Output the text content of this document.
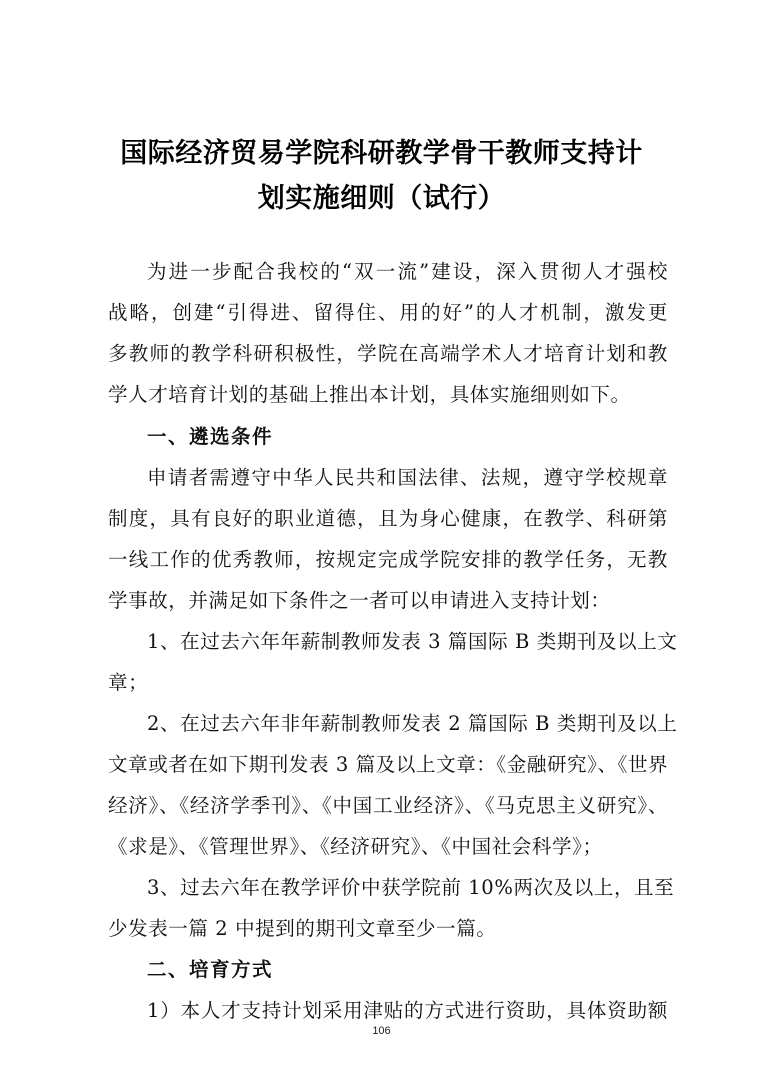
国际经济贸易学院科研教学骨干教师支持计
划实施细则（试行）

为进一步配合我校的“双一流”建设，深入贯彻人才强校

战略，创建“引得进、留得住、用的好”的人才机制，激发更

多教师的教学科研积极性，学院在高端学术人才培育计划和教

学人才培育计划的基础上推出本计划，具体实施细则如下。

一、遴选条件

申请者需遵守中华人民共和国法律、法规，遵守学校规章

制度，具有良好的职业道德，且为身心健康，在教学、科研第

一线工作的优秀教师，按规定完成学院安排的教学任务，无教

学事故，并满足如下条件之一者可以申请进入支持计划：

1、在过去六年年薪制教师发表 3 篇国际 B 类期刊及以上文

章；

2、在过去六年非年薪制教师发表 2 篇国际 B 类期刊及以上

文章或者在如下期刊发表 3 篇及以上文章：《金融研究》、《世界

经济》、《经济学季刊》、《中国工业经济》、《马克思主义研究》、

《求是》、《管理世界》、《经济研究》、《中国社会科学》；

3、过去六年在教学评价中获学院前 10%两次及以上，且至

少发表一篇 2 中提到的期刊文章至少一篇。

二、培育方式

1）本人才支持计划采用津贴的方式进行资助，具体资助额

106
